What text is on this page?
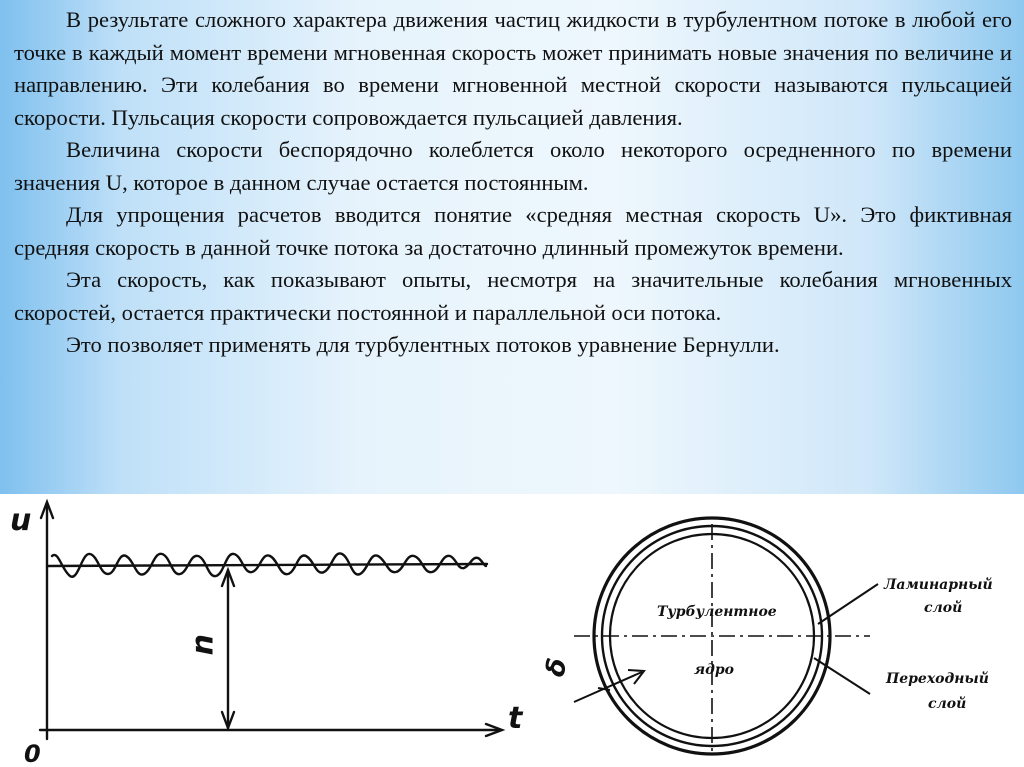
В результате сложного характера движения частиц жидкости в турбулентном потоке в любой его точке в каждый момент времени мгновенная скорость может принимать новые значения по величине и направлению. Эти колебания во времени мгновенной местной скорости называются пульсацией скорости. Пульсация скорости сопровождается пульсацией давления.

Величина скорости беспорядочно колеблется около некоторого осредненного по времени значения U, которое в данном случае остается постоянным.

Для упрощения расчетов вводится понятие «средняя местная скорость U». Это фиктивная средняя скорость в данной точке потока за достаточно длинный промежуток времени.

Эта скорость, как показывают опыты, несмотря на значительные колебания мгновенных скоростей, остается практически постоянной и параллельной оси потока.

Это позволяет применять для турбулентных потоков уравнение Бернулли.

u
t
0
u
Турбулентное
ядро
Ламинарный
слой
Переходный
слой
δ
